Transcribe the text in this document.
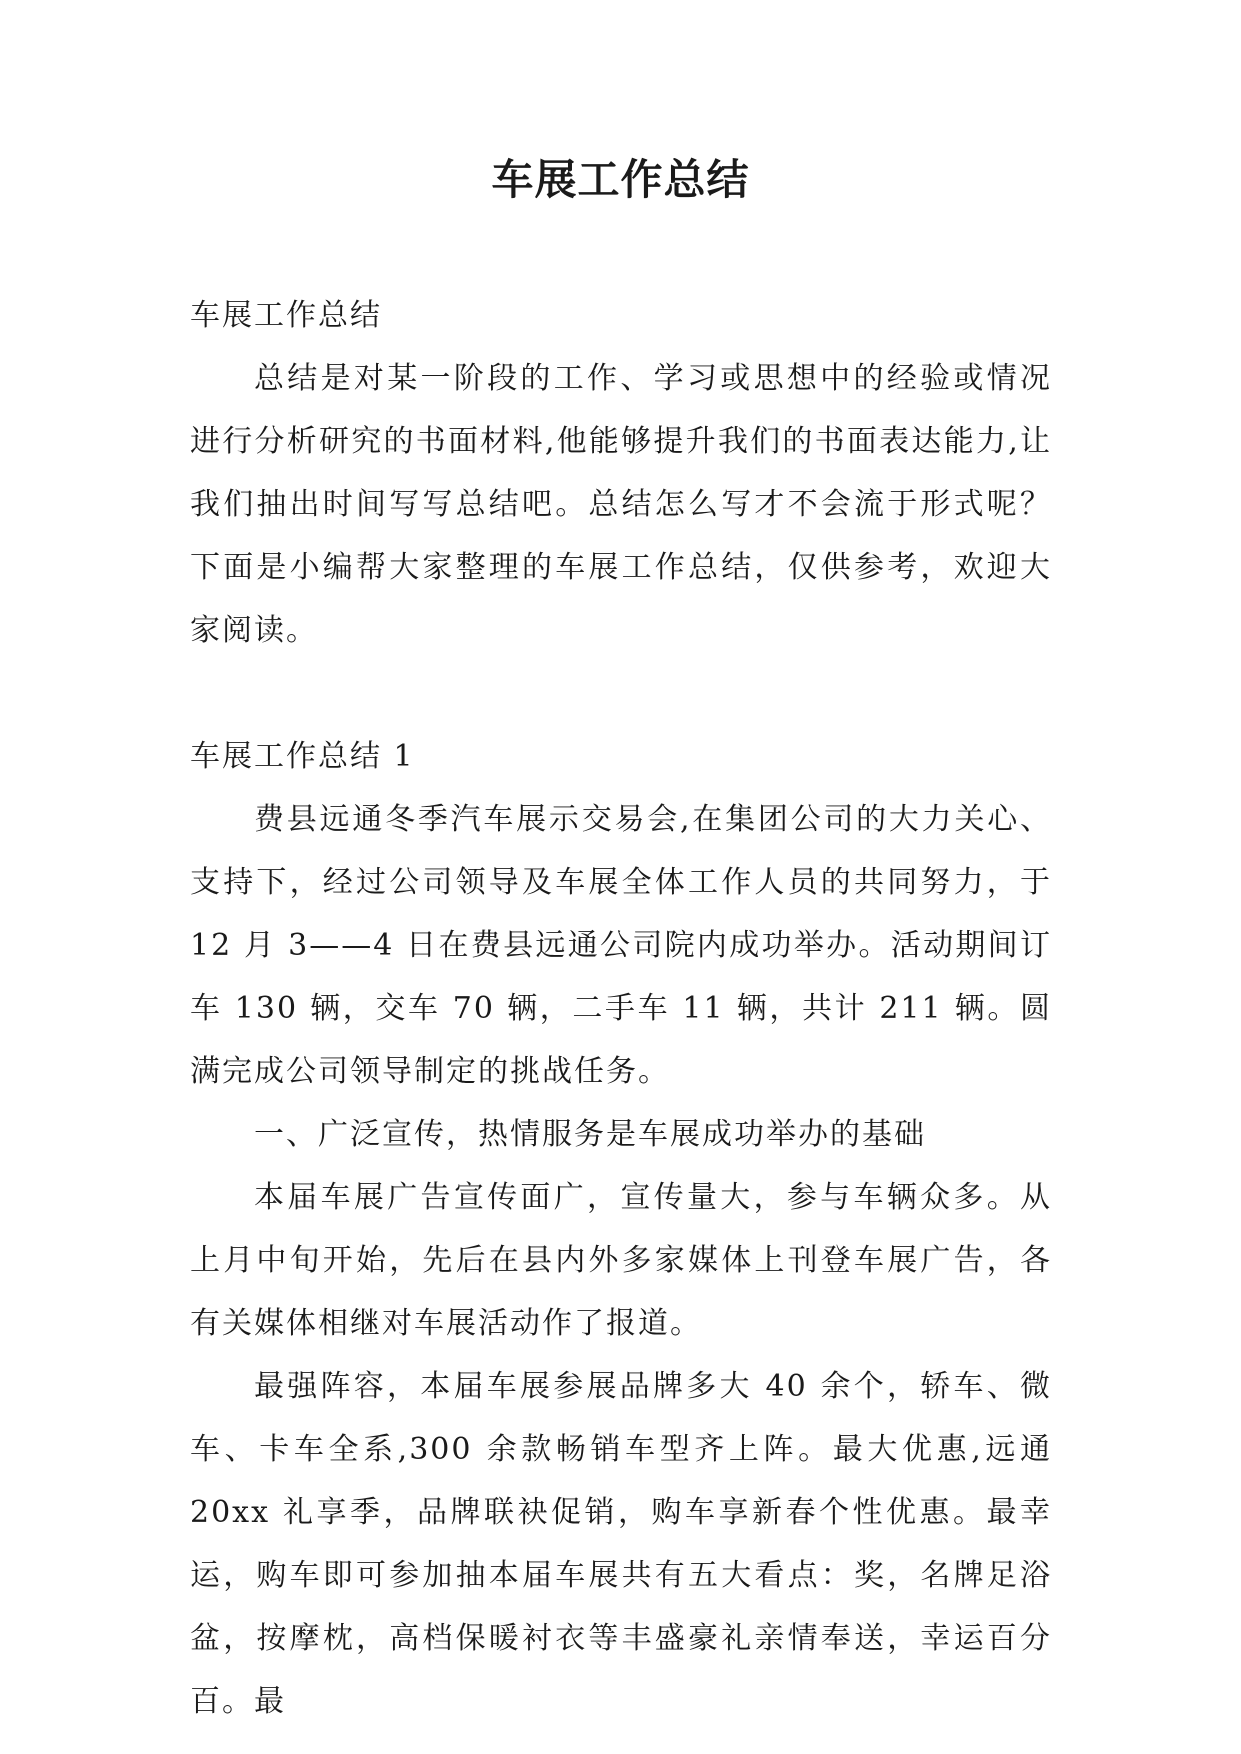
车展工作总结

车展工作总结

总结是对某一阶段的工作、学习或思想中的经验或情况进行分析研究的书面材料,他能够提升我们的书面表达能力,让我们抽出时间写写总结吧。总结怎么写才不会流于形式呢？下面是小编帮大家整理的车展工作总结，仅供参考，欢迎大家阅读。

车展工作总结 1

费县远通冬季汽车展示交易会,在集团公司的大力关心、支持下，经过公司领导及车展全体工作人员的共同努力，于12 月 3——4 日在费县远通公司院内成功举办。活动期间订车 130 辆，交车 70 辆，二手车 11 辆，共计 211 辆。圆满完成公司领导制定的挑战任务。

一、广泛宣传，热情服务是车展成功举办的基础

本届车展广告宣传面广，宣传量大，参与车辆众多。从上月中旬开始，先后在县内外多家媒体上刊登车展广告，各有关媒体相继对车展活动作了报道。

最强阵容，本届车展参展品牌多大 40 余个，轿车、微车、卡车全系,300 余款畅销车型齐上阵。最大优惠,远通 20xx 礼享季，品牌联袂促销，购车享新春个性优惠。最幸运，购车即可参加抽本届车展共有五大看点：奖，名牌足浴盆，按摩枕，高档保暖衬衣等丰盛豪礼亲情奉送，幸运百分百。最
